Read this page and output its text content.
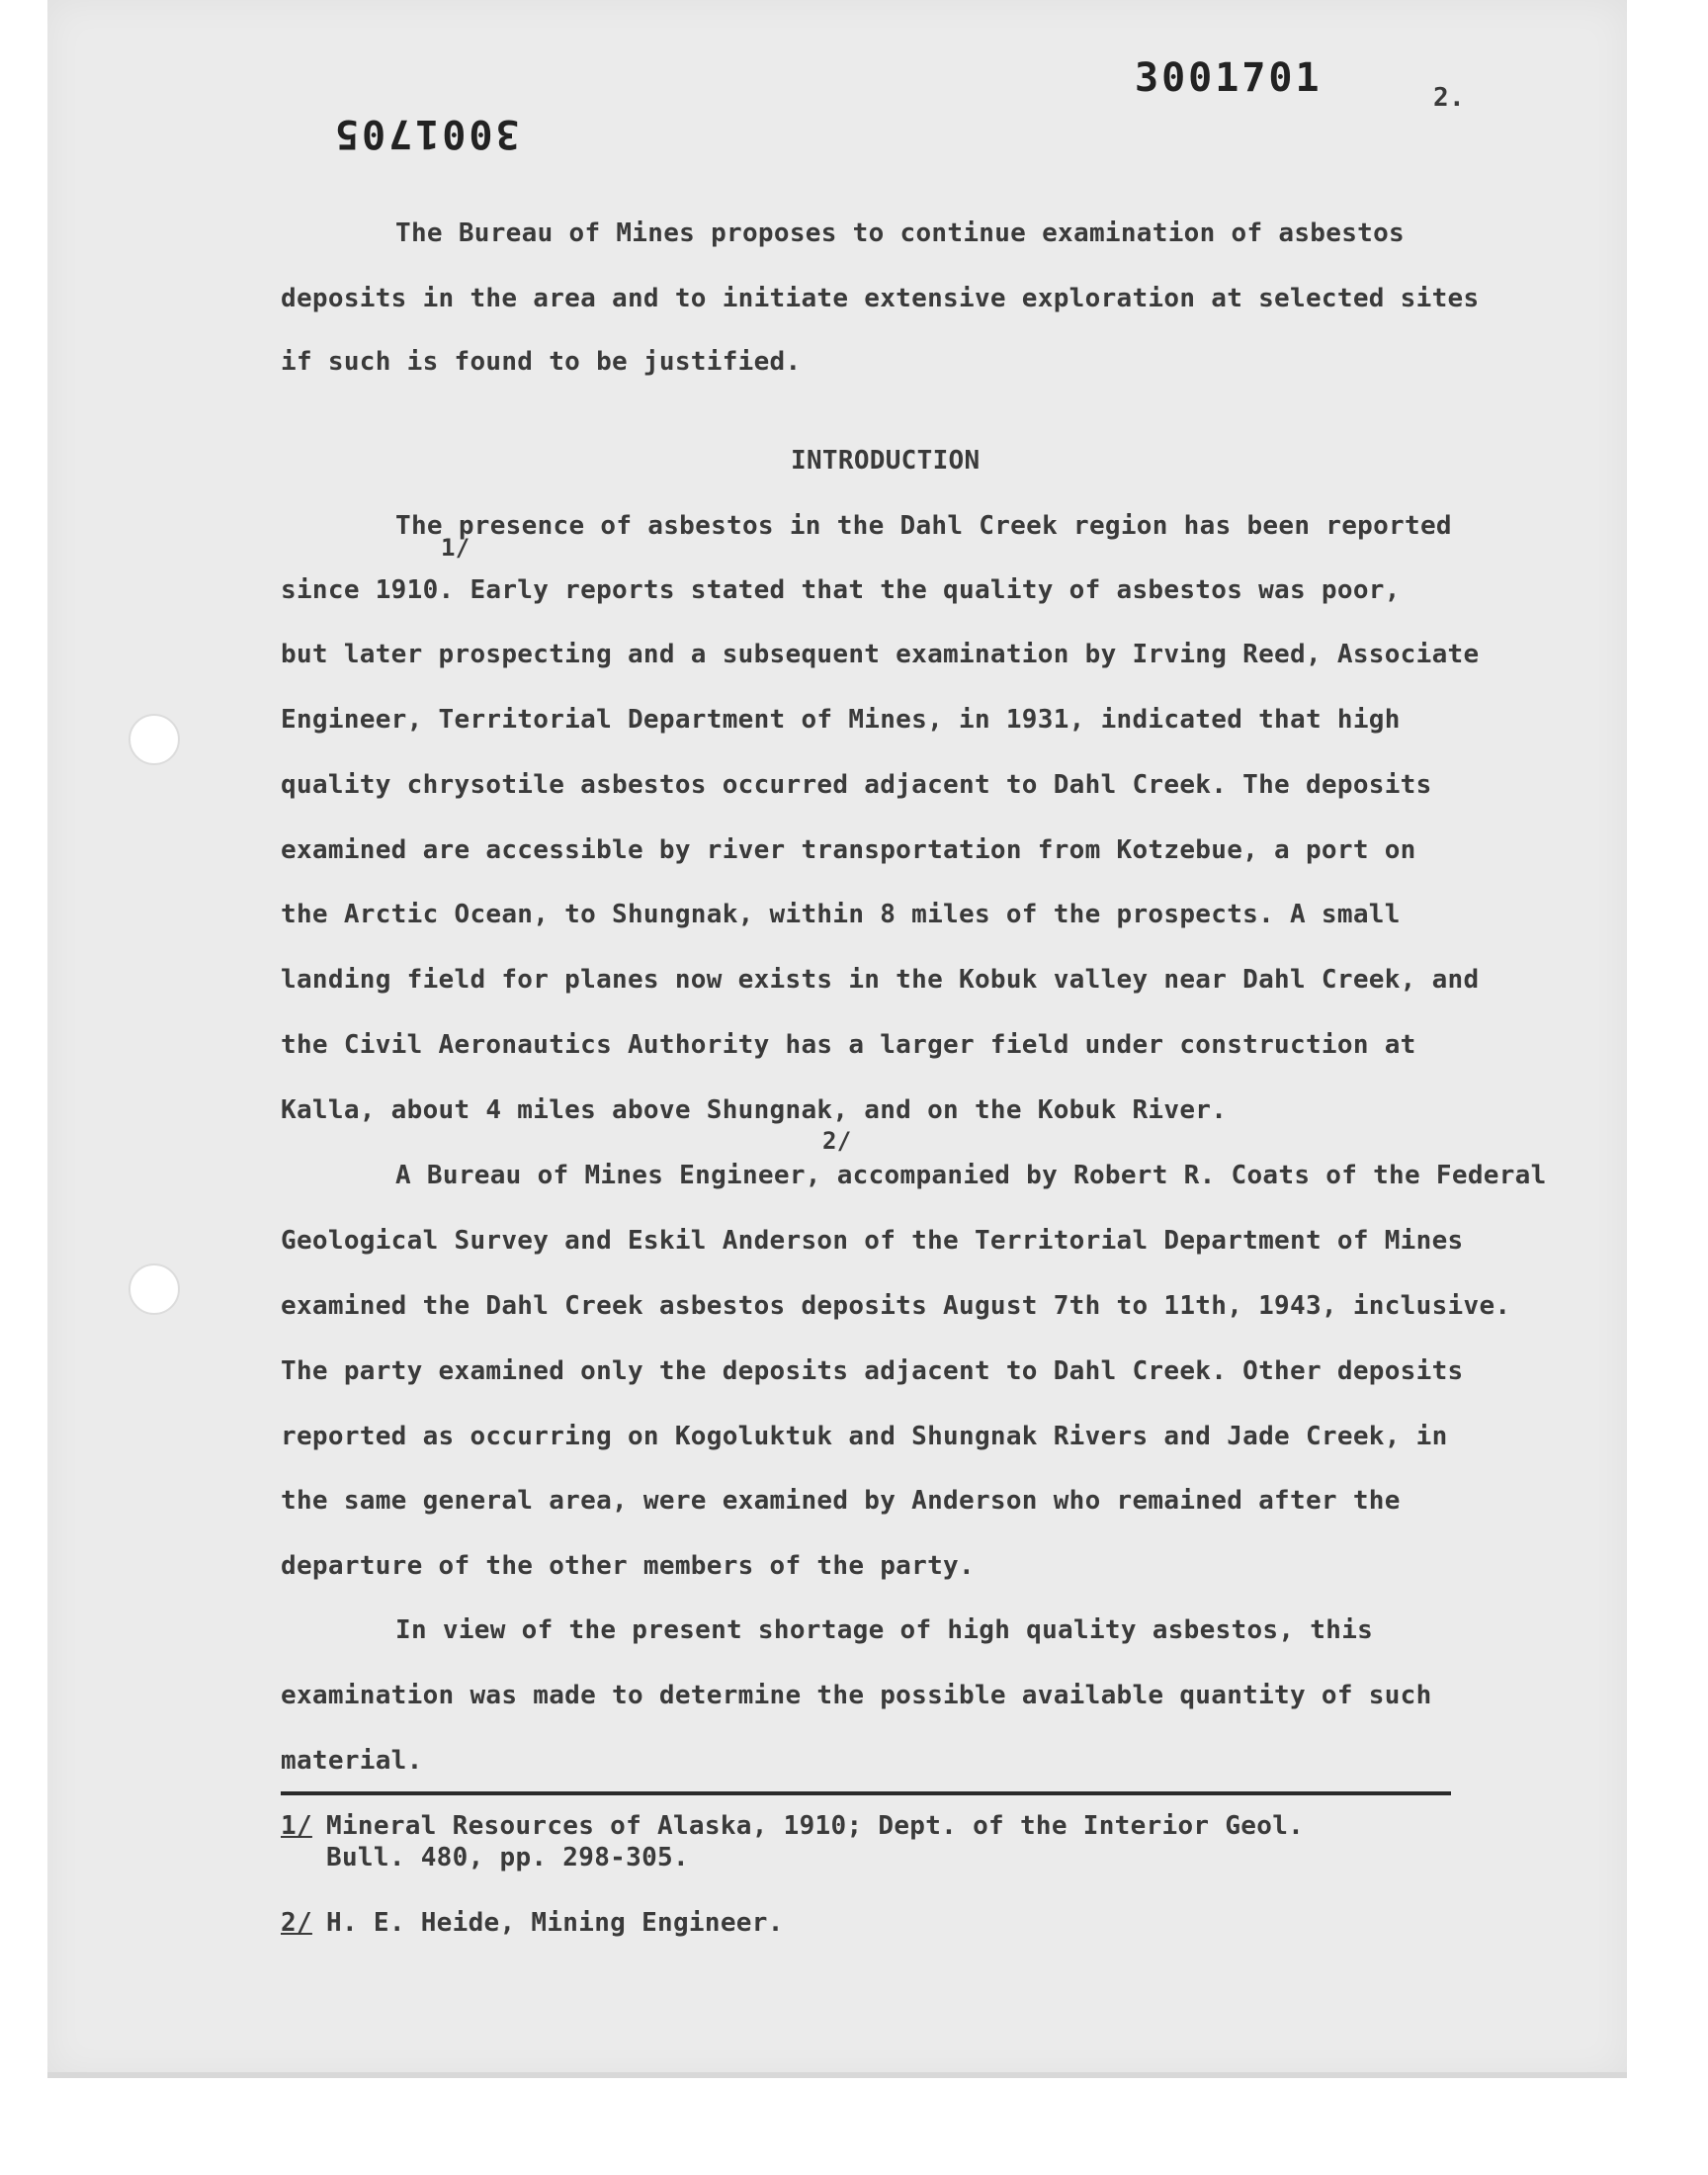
3001701
3001705
2.
The Bureau of Mines proposes to continue examination of asbestos
deposits in the area and to initiate extensive exploration at selected sites
if such is found to be justified.
INTRODUCTION
The presence of asbestos in the Dahl Creek region has been reported
1/
since 1910. Early reports stated that the quality of asbestos was poor,
but later prospecting and a subsequent examination by Irving Reed, Associate
Engineer, Territorial Department of Mines, in 1931, indicated that high
quality chrysotile asbestos occurred adjacent to Dahl Creek. The deposits
examined are accessible by river transportation from Kotzebue, a port on
the Arctic Ocean, to Shungnak, within 8 miles of the prospects. A small
landing field for planes now exists in the Kobuk valley near Dahl Creek, and
the Civil Aeronautics Authority has a larger field under construction at
Kalla, about 4 miles above Shungnak, and on the Kobuk River.
2/
A Bureau of Mines Engineer, accompanied by Robert R. Coats of the Federal
Geological Survey and Eskil Anderson of the Territorial Department of Mines
examined the Dahl Creek asbestos deposits August 7th to 11th, 1943, inclusive.
The party examined only the deposits adjacent to Dahl Creek. Other deposits
reported as occurring on Kogoluktuk and Shungnak Rivers and Jade Creek, in
the same general area, were examined by Anderson who remained after the
departure of the other members of the party.
In view of the present shortage of high quality asbestos, this
examination was made to determine the possible available quantity of such
material.
1/ Mineral Resources of Alaska, 1910; Dept. of the Interior Geol.
Bull. 480, pp. 298-305.
2/ H. E. Heide, Mining Engineer.
